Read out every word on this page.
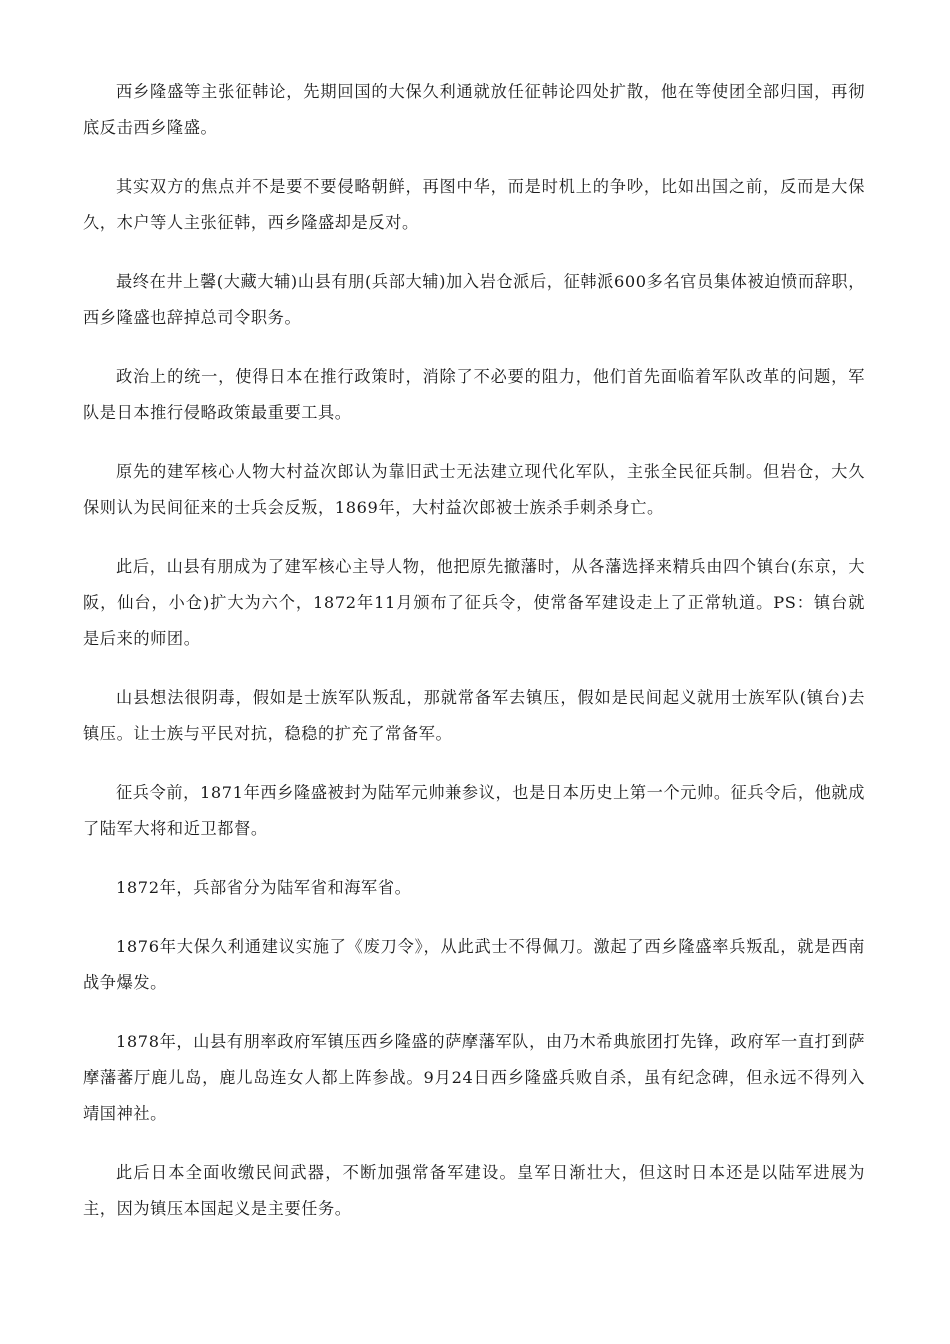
西乡隆盛等主张征韩论，先期回国的大保久利通就放任征韩论四处扩散，他在等使团全部归国，再彻底反击西乡隆盛。

其实双方的焦点并不是要不要侵略朝鲜，再图中华，而是时机上的争吵，比如出国之前，反而是大保久，木户等人主张征韩，西乡隆盛却是反对。

最终在井上馨(大藏大辅)山县有朋(兵部大辅)加入岩仓派后，征韩派600多名官员集体被迫愤而辞职，西乡隆盛也辞掉总司令职务。

政治上的统一，使得日本在推行政策时，消除了不必要的阻力，他们首先面临着军队改革的问题，军队是日本推行侵略政策最重要工具。

原先的建军核心人物大村益次郎认为靠旧武士无法建立现代化军队，主张全民征兵制。但岩仓，大久保则认为民间征来的士兵会反叛，1869年，大村益次郎被士族杀手刺杀身亡。

此后，山县有朋成为了建军核心主导人物，他把原先撤藩时，从各藩选择来精兵由四个镇台(东京，大阪，仙台，小仓)扩大为六个，1872年11月颁布了征兵令，使常备军建设走上了正常轨道。PS：镇台就是后来的师团。

山县想法很阴毒，假如是士族军队叛乱，那就常备军去镇压，假如是民间起义就用士族军队(镇台)去镇压。让士族与平民对抗，稳稳的扩充了常备军。

征兵令前，1871年西乡隆盛被封为陆军元帅兼参议，也是日本历史上第一个元帅。征兵令后，他就成了陆军大将和近卫都督。

1872年，兵部省分为陆军省和海军省。

1876年大保久利通建议实施了《废刀令》，从此武士不得佩刀。激起了西乡隆盛率兵叛乱，就是西南战争爆发。

1878年，山县有朋率政府军镇压西乡隆盛的萨摩藩军队，由乃木希典旅团打先锋，政府军一直打到萨摩藩蕃厅鹿儿岛，鹿儿岛连女人都上阵参战。9月24日西乡隆盛兵败自杀，虽有纪念碑，但永远不得列入靖国神社。

此后日本全面收缴民间武器，不断加强常备军建设。皇军日渐壮大，但这时日本还是以陆军进展为主，因为镇压本国起义是主要任务。
